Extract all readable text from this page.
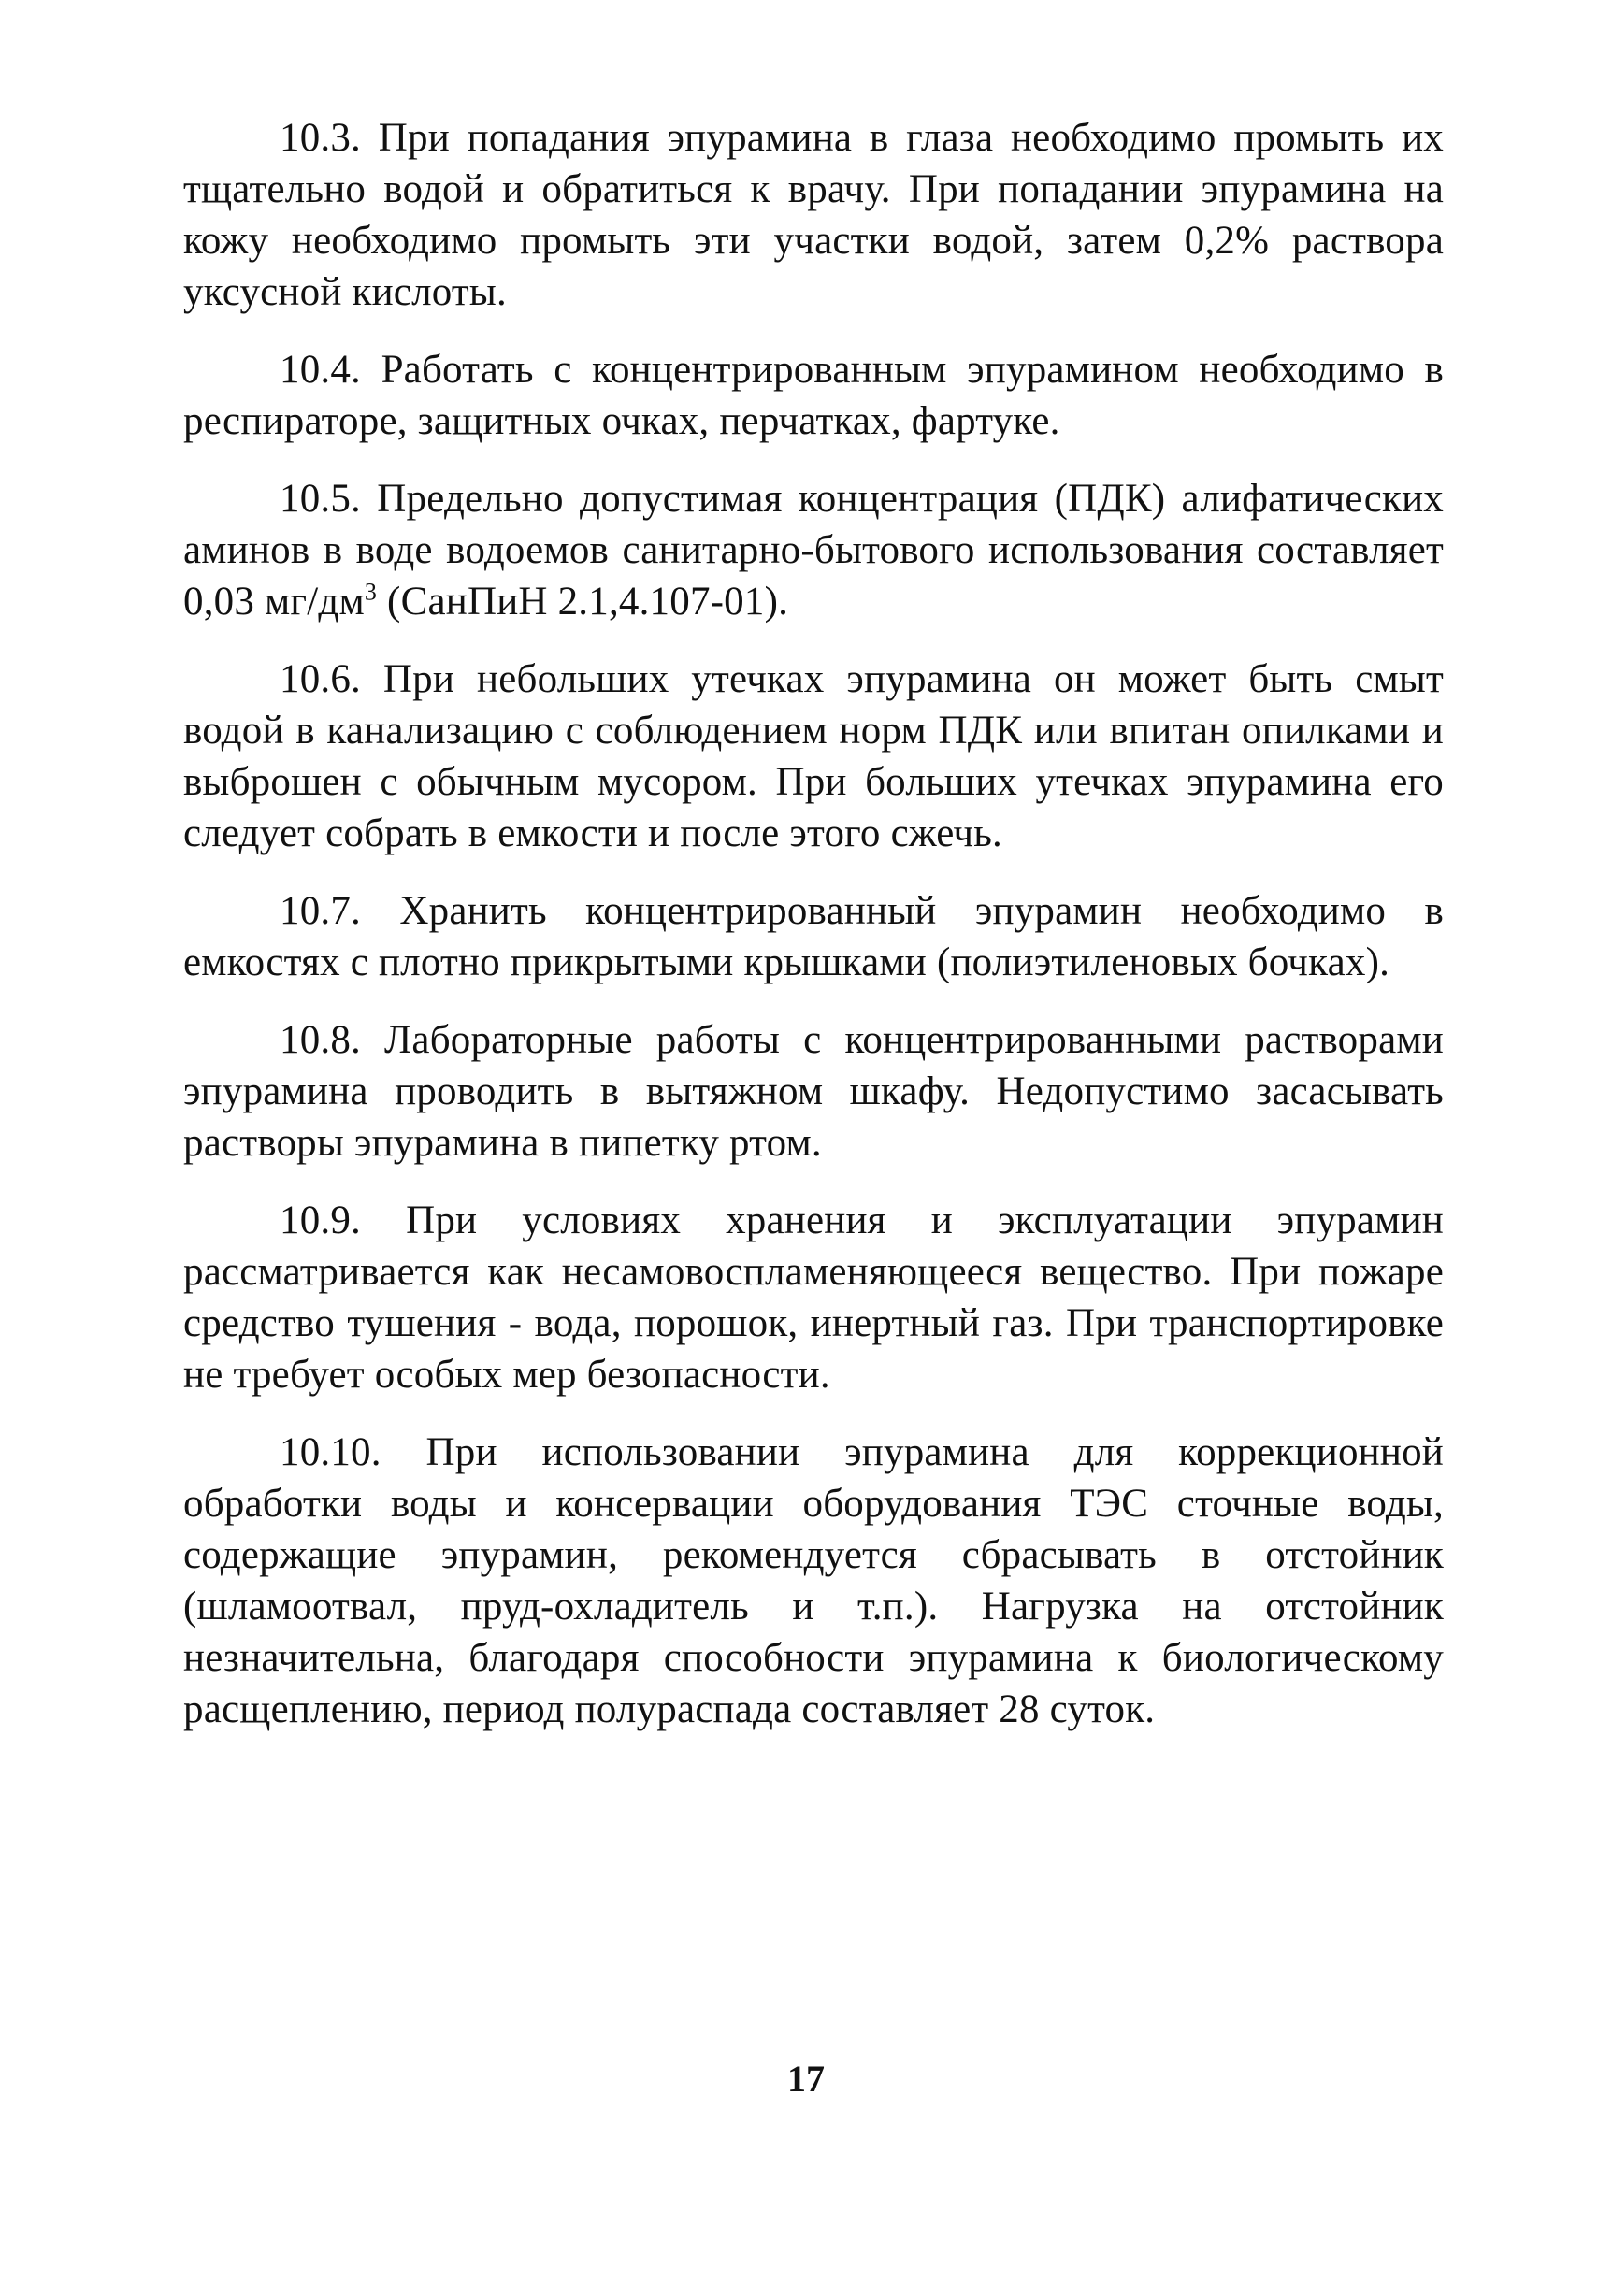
10.3. При попадания эпурамина в глаза необходимо промыть их тщательно водой и обратиться к врачу. При попадании эпурамина на кожу необходимо промыть эти участки водой, затем 0,2% раствора уксусной кислоты.

10.4. Работать с концентрированным эпурамином необходимо в респираторе, защитных очках, перчатках, фартуке.

10.5. Предельно допустимая концентрация (ПДК) алифатических аминов в воде водоемов санитарно-бытового использования составляет 0,03 $мг/дм^3$ (СанПиН 2.1,4.107-01).

10.6. При небольших утечках эпурамина он может быть смыт водой в канализацию с соблюдением норм ПДК или впитан опилками и выброшен с обычным мусором. При больших утечках эпурамина его следует собрать в емкости и после этого сжечь.

10.7. Хранить концентрированный эпурамин необходимо в емкостях с плотно прикрытыми крышками (полиэтиленовых бочках).

10.8. Лабораторные работы с концентрированными растворами эпурамина проводить в вытяжном шкафу. Недопустимо засасывать растворы эпурамина в пипетку ртом.

10.9. При условиях хранения и эксплуатации эпурамин рассматривается как несамовоспламеняющееся вещество. При пожаре средство тушения - вода, порошок, инертный газ. При транспортировке не требует особых мер безопасности.

10.10. При использовании эпурамина для коррекционной обработки воды и консервации оборудования ТЭС сточные воды, содержащие эпурамин, рекомендуется сбрасывать в отстойник (шламоотвал, пруд-охладитель и т.п.). Нагрузка на отстойник незначительна, благодаря способности эпурамина к биологическому расщеплению, период полураспада составляет 28 суток.

17
